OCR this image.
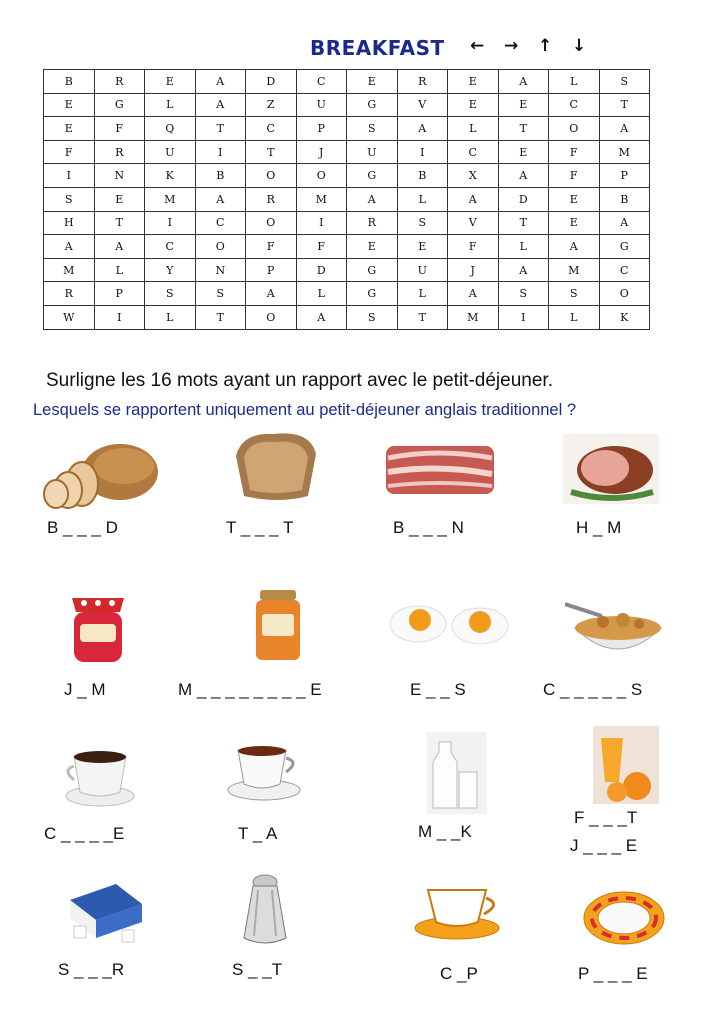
BREAKFAST ← → ↑ ↓
B	R	E	A	D	C	E	R	E	A	L	S
E	G	L	A	Z	U	G	V	E	E	C	T
E	F	Q	T	C	P	S	A	L	T	O	A
F	R	U	I	T	J	U	I	C	E	F	M
I	N	K	B	O	O	G	B	X	A	F	P
S	E	M	A	R	M	A	L	A	D	E	B
H	T	I	C	O	I	R	S	V	T	E	A
A	A	C	O	F	F	E	E	F	L	A	G
M	L	Y	N	P	D	G	U	J	A	M	C
R	P	S	S	A	L	G	L	A	S	S	O
W	I	L	T	O	A	S	T	M	I	L	K
Surligne les 16 mots ayant un rapport avec le petit-déjeuner.
Lesquels se rapportent uniquement au petit-déjeuner anglais traditionnel ?
B _ _ _ D	T _ _ _ T	B _ _ _ N	H _ M
J _ M	M _ _ _ _ _ _ _ _ E	E _ _ S	C _ _ _ _ _ S
C _ _ _ _E	T _ A	M _ _K
F _ _ _T
J _ _ _ E
S _ _ _R	S _ _T	C _P	P _ _ _ E
